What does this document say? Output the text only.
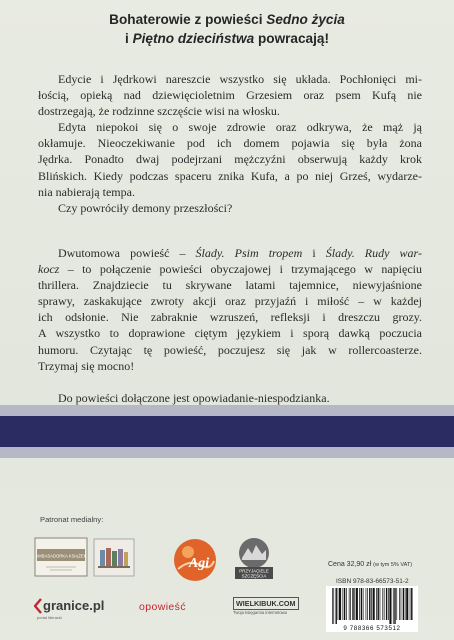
Bohaterowie z powieści Sedno życia
i Piętno dzieciństwa powracają!

Edycie i Jędrkowi nareszcie wszystko się układa. Pochłonięci mi-
łością, opieką nad dziewięcioletnim Grzesiem oraz psem Kufą nie
dostrzegają, że rodzinne szczęście wisi na włosku.

Edyta niepokoi się o swoje zdrowie oraz odkrywa, że mąż ją
okłamuje. Nieoczekiwanie pod ich domem pojawia się była żona
Jędrka. Ponadto dwaj podejrzani mężczyźni obserwują każdy krok
Blińskich. Kiedy podczas spaceru znika Kufa, a po niej Grześ, wydarze-
nia nabierają tempa.

Czy powróciły demony przeszłości?

Dwutomowa powieść – Ślady. Psim tropem i Ślady. Rudy war-
kocz – to połączenie powieści obyczajowej i trzymającego w napięciu
thrillera. Znajdziecie tu skrywane latami tajemnice, niewyjaśnione
sprawy, zaskakujące zwroty akcji oraz przyjaźń i miłość – w każdej
ich odsłonie. Nie zabraknie wzruszeń, refleksji i dreszczu grozy.
A wszystko to doprawione ciętym językiem i sporą dawką poczucia
humoru. Czytając tę powieść, poczujesz się jak w rollercoasterze.
Trzymaj się mocno!

Do powieści dołączone jest opowiadanie-niespodzianka.

Patronat medialny:
AMBASADORKA KSIĄŻEK	Agi	PRZYJACIELE
SZCZĘŚCIA
Cena 32,90 zł (w tym 5% VAT)
ISBN 978-83-66573-51-2
9 788366 573512
granice.pl
portal literacki
opowieść	WIELKIBUK.COM
Twoja księgarnia internetowa
